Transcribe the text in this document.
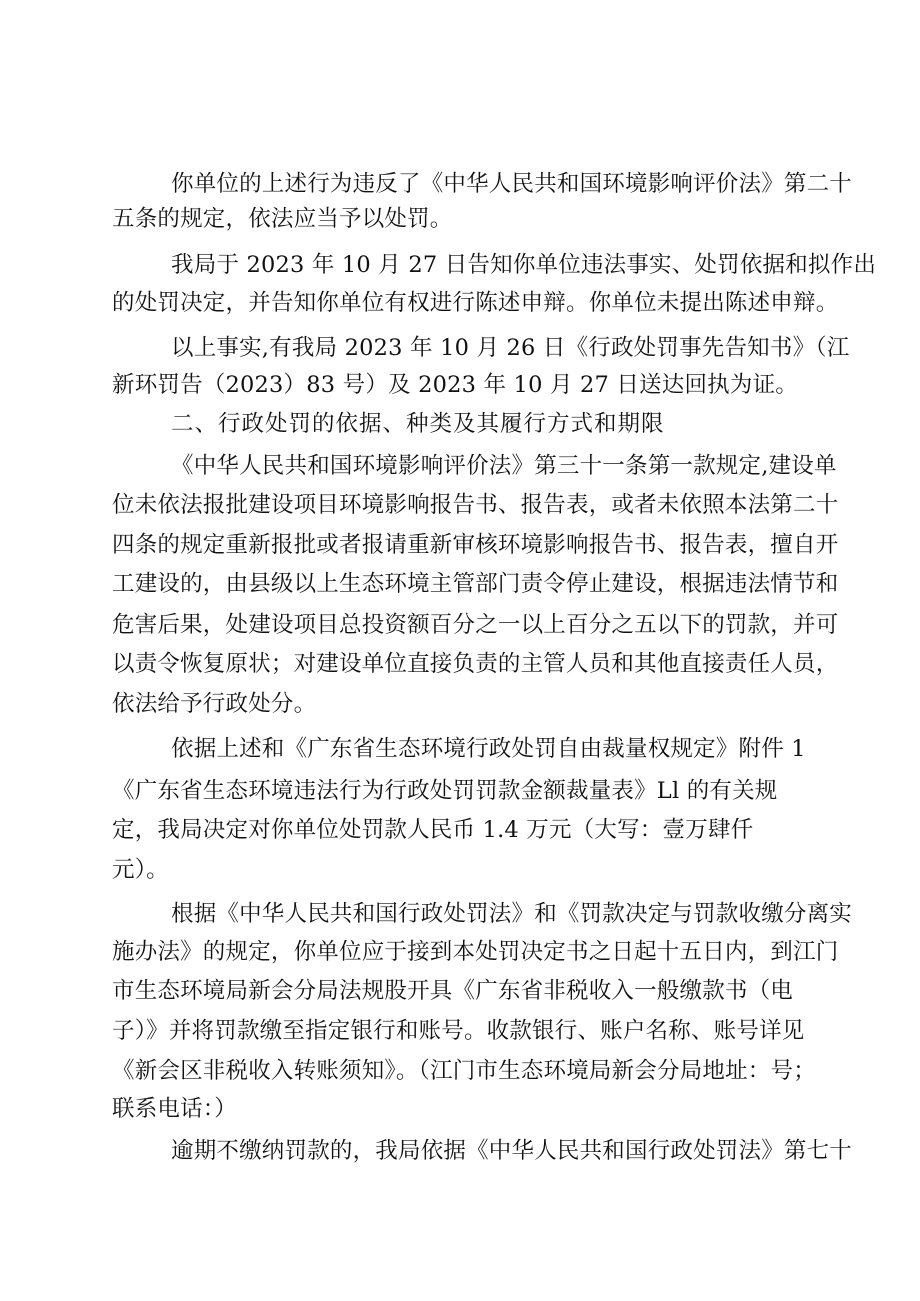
你单位的上述行为违反了《中华人民共和国环境影响评价法》第二十

五条的规定，依法应当予以处罚。

我局于 2023 年 10 月 27 日告知你单位违法事实、处罚依据和拟作出

的处罚决定，并告知你单位有权进行陈述申辩。你单位未提出陈述申辩。

以上事实,有我局 2023 年 10 月 26 日《行政处罚事先告知书》（江

新环罚告（2023）83 号）及 2023 年 10 月 27 日送达回执为证。

二、行政处罚的依据、种类及其履行方式和期限

《中华人民共和国环境影响评价法》第三十一条第一款规定,建设单

位未依法报批建设项目环境影响报告书、报告表，或者未依照本法第二十

四条的规定重新报批或者报请重新审核环境影响报告书、报告表，擅自开

工建设的，由县级以上生态环境主管部门责令停止建设，根据违法情节和

危害后果，处建设项目总投资额百分之一以上百分之五以下的罚款，并可

以责令恢复原状；对建设单位直接负责的主管人员和其他直接责任人员，

依法给予行政处分。

依据上述和《广东省生态环境行政处罚自由裁量权规定》附件 1

《广东省生态环境违法行为行政处罚罚款金额裁量表》Ll 的有关规

定，我局决定对你单位处罚款人民币 1.4 万元（大写：壹万肆仟

元）。

根据《中华人民共和国行政处罚法》和《罚款决定与罚款收缴分离实

施办法》的规定，你单位应于接到本处罚决定书之日起十五日内，到江门

市生态环境局新会分局法规股开具《广东省非税收入一般缴款书（电

子）》并将罚款缴至指定银行和账号。收款银行、账户名称、账号详见

《新会区非税收入转账须知》。（江门市生态环境局新会分局地址：号；

联系电话：）

逾期不缴纳罚款的，我局依据《中华人民共和国行政处罚法》第七十
